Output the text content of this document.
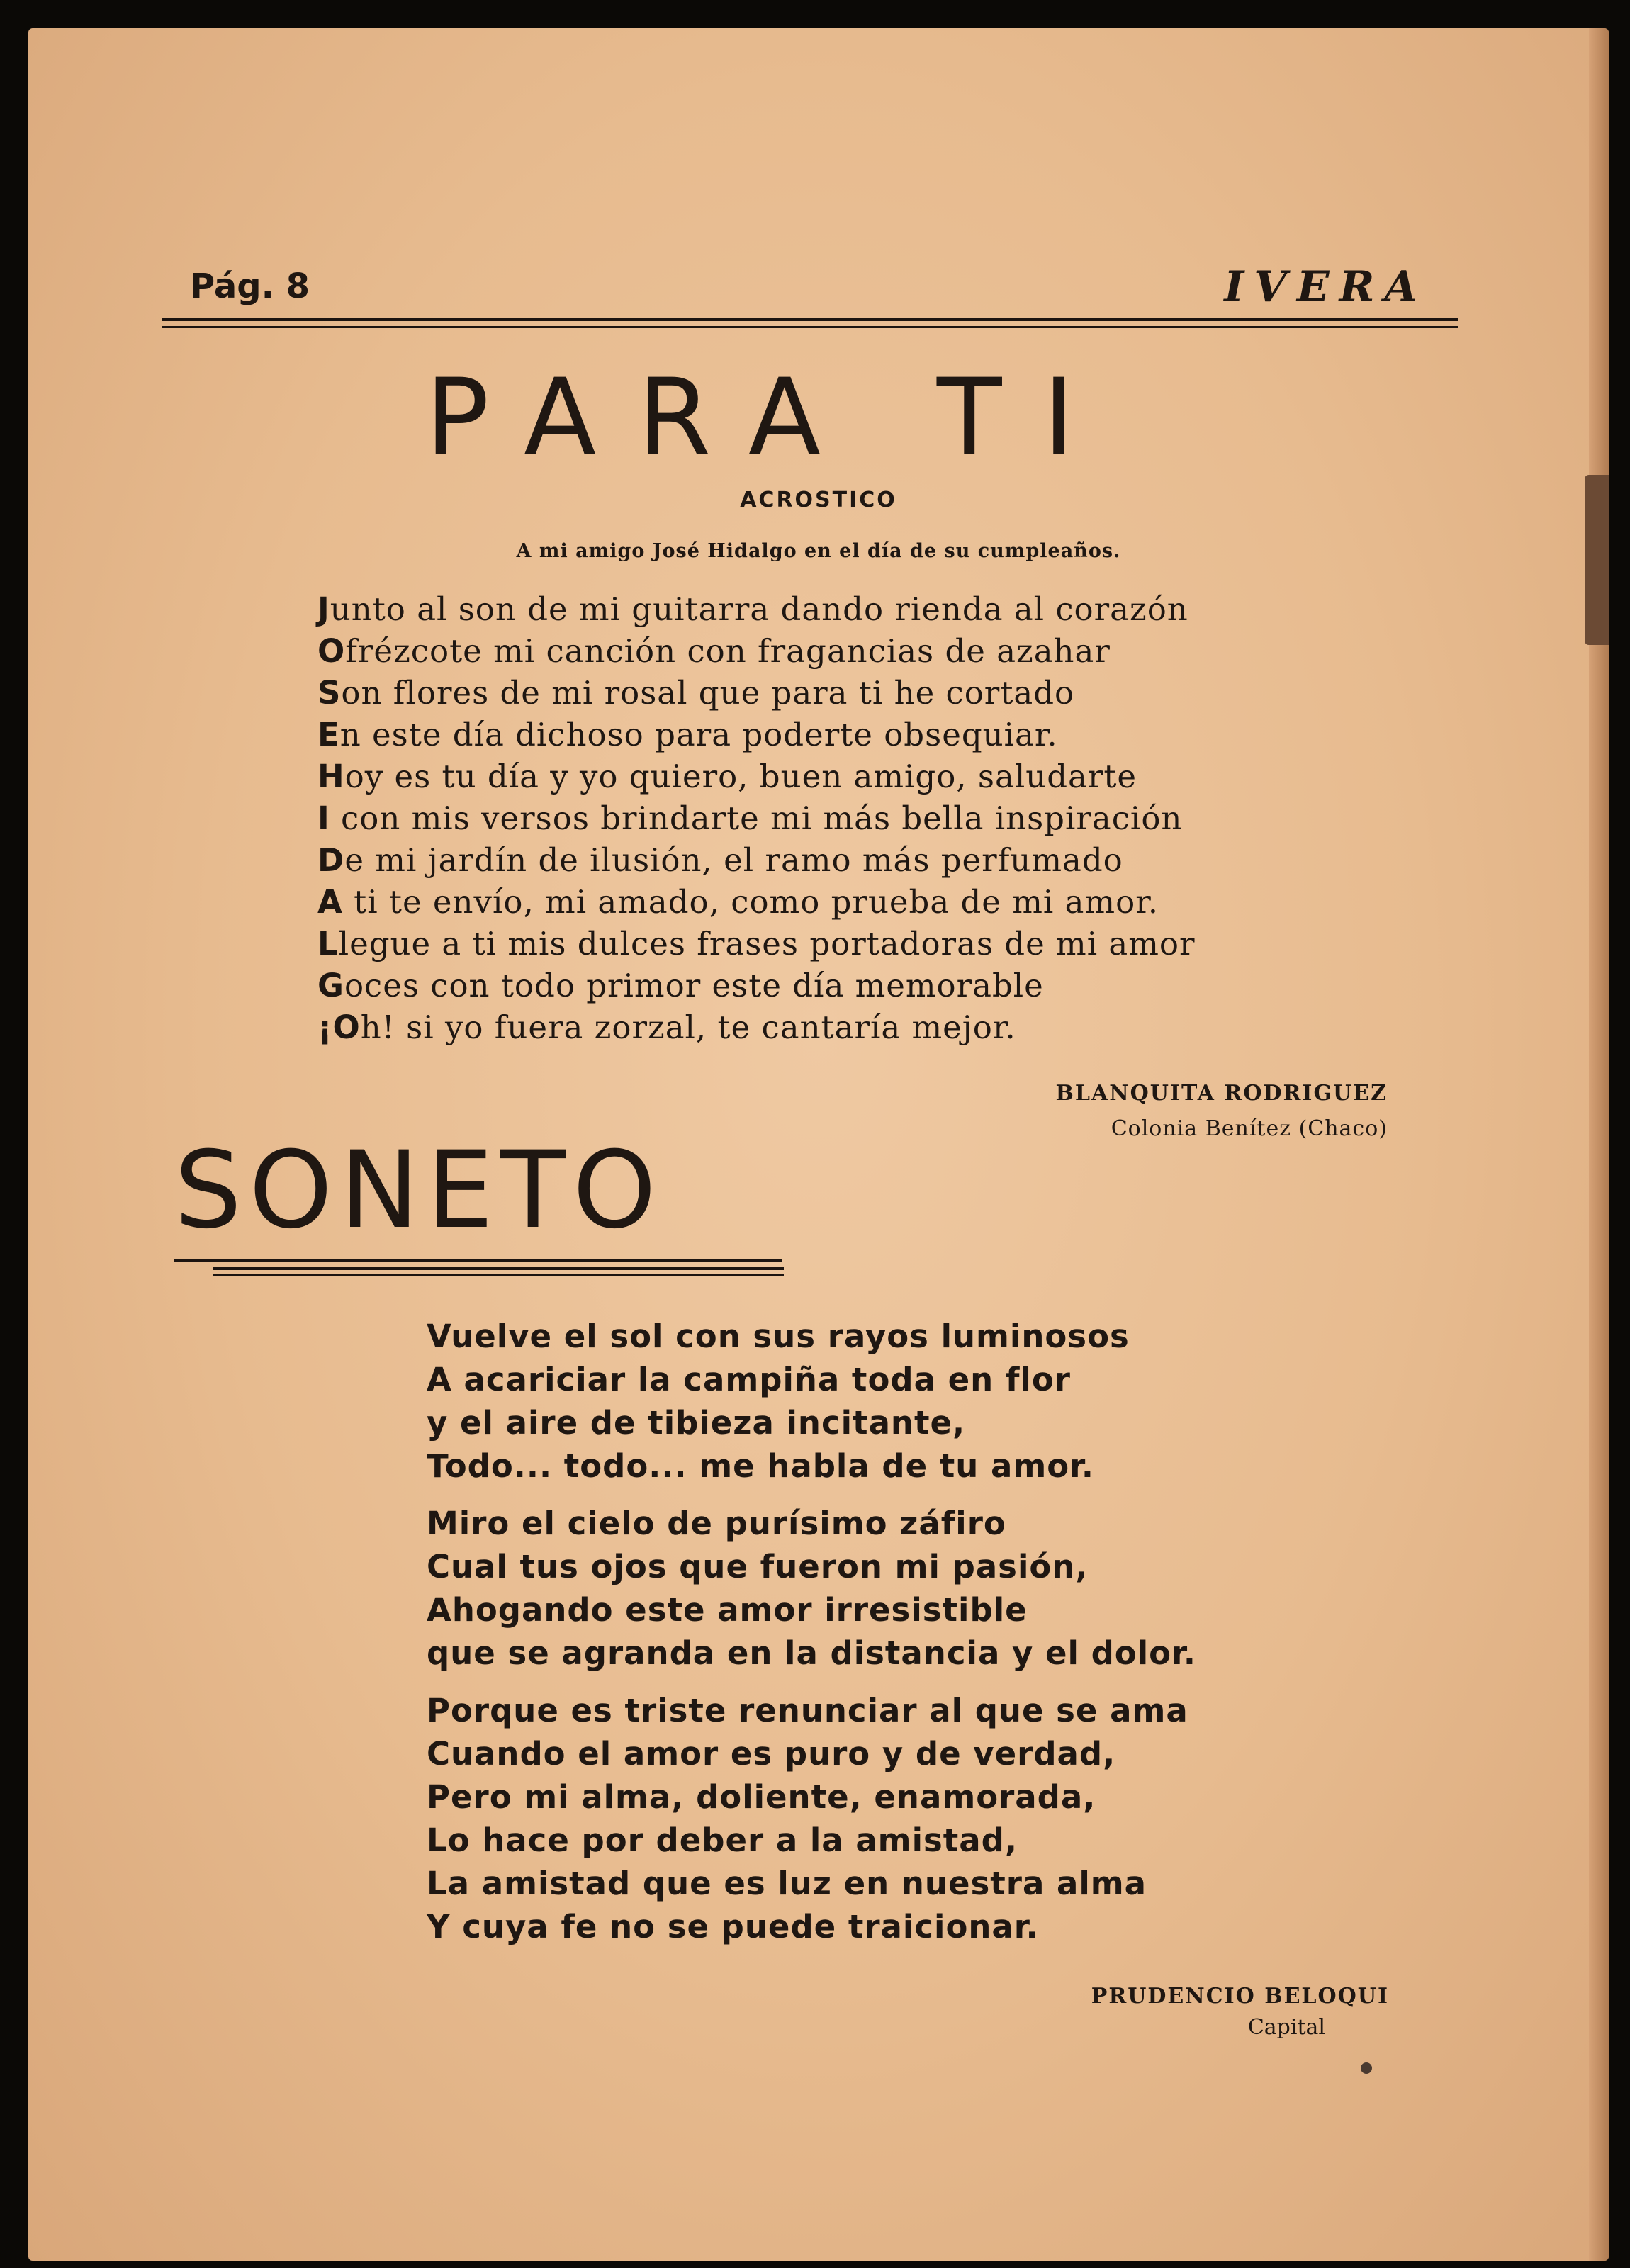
Pág. 8	IVERA
PARA TI
ACROSTICO
A mi amigo José Hidalgo en el día de su cumpleaños.
Junto al son de mi guitarra dando rienda al corazón
Ofrézcote mi canción con fragancias de azahar
Son flores de mi rosal que para ti he cortado
En este día dichoso para poderte obsequiar.
Hoy es tu día y yo quiero, buen amigo, saludarte
I con mis versos brindarte mi más bella inspiración
De mi jardín de ilusión, el ramo más perfumado
A ti te envío, mi amado, como prueba de mi amor.
Llegue a ti mis dulces frases portadoras de mi amor
Goces con todo primor este día memorable
¡Oh! si yo fuera zorzal, te cantaría mejor.
BLANQUITA RODRIGUEZ
Colonia Benítez (Chaco)
SONETO
Vuelve el sol con sus rayos luminosos
A acariciar la campiña toda en flor
y el aire de tibieza incitante,
Todo... todo... me habla de tu amor.
Miro el cielo de purísimo záfiro
Cual tus ojos que fueron mi pasión,
Ahogando este amor irresistible
que se agranda en la distancia y el dolor.
Porque es triste renunciar al que se ama
Cuando el amor es puro y de verdad,
Pero mi alma, doliente, enamorada,
Lo hace por deber a la amistad,
La amistad que es luz en nuestra alma
Y cuya fe no se puede traicionar.
PRUDENCIO BELOQUI
Capital
